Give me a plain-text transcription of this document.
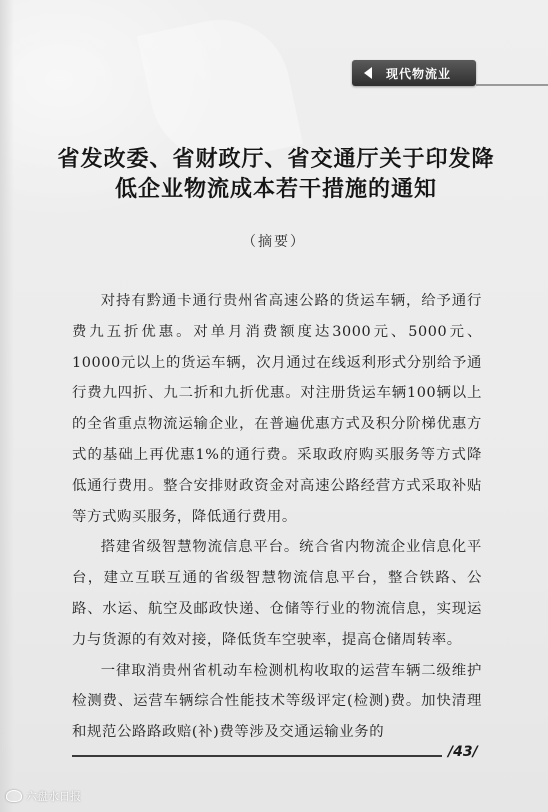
现代物流业
省发改委、省财政厅、省交通厅关于印发降低企业物流成本若干措施的通知
（摘要）

对持有黔通卡通行贵州省高速公路的货运车辆，给予通行费九五折优惠。对单月消费额度达3000元、5000元、10000元以上的货运车辆，次月通过在线返利形式分别给予通行费九四折、九二折和九折优惠。对注册货运车辆100辆以上的全省重点物流运输企业，在普遍优惠方式及积分阶梯优惠方式的基础上再优惠1%的通行费。采取政府购买服务等方式降低通行费用。整合安排财政资金对高速公路经营方式采取补贴等方式购买服务，降低通行费用。

搭建省级智慧物流信息平台。统合省内物流企业信息化平台，建立互联互通的省级智慧物流信息平台，整合铁路、公路、水运、航空及邮政快递、仓储等行业的物流信息，实现运力与货源的有效对接，降低货车空驶率，提高仓储周转率。

一律取消贵州省机动车检测机构收取的运营车辆二级维护检测费、运营车辆综合性能技术等级评定(检测)费。加快清理和规范公路路政赔(补)费等涉及交通运输业务的

/43/
六盘水日报
